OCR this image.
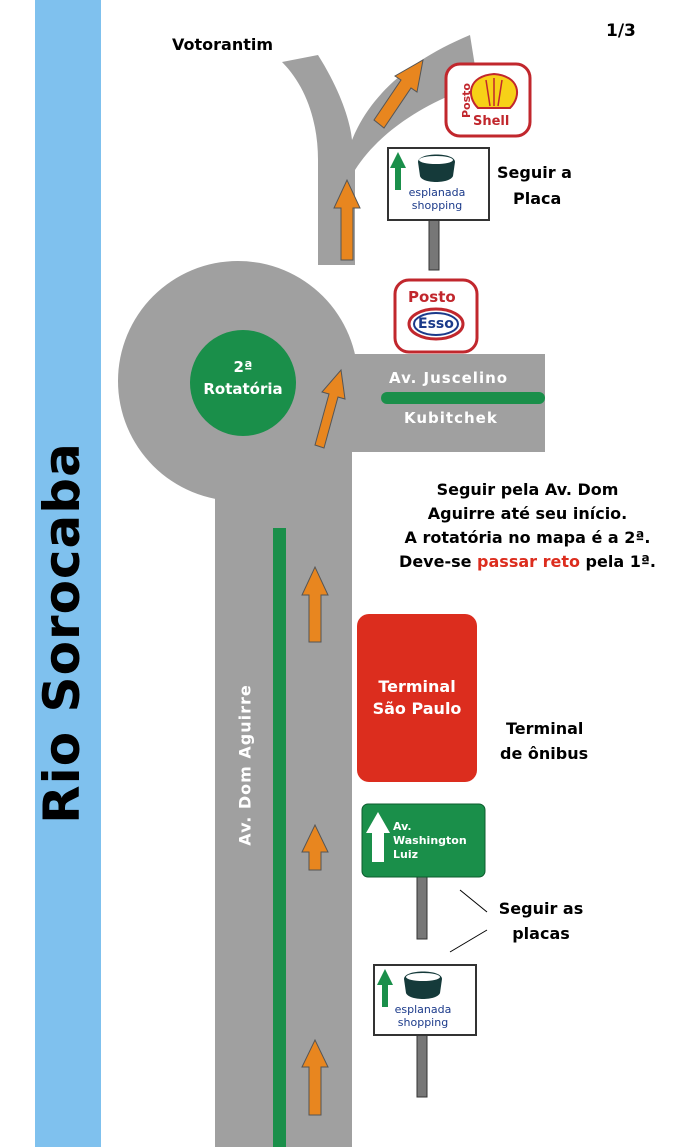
Terminal
São Paulo
Rio Sorocaba	Av. Dom Aguirre
1/3
Votorantim
Posto
Shell
Posto
Esso
esplanada
shopping
esplanada
shopping
Av.
Washington
Luiz
Seguir a
Placa
2ª
Rotatória
Av. Juscelino
Kubitchek
Seguir pela Av. Dom
Aguirre até seu início.
A rotatória no mapa é a 2ª.
Deve-se passar reto pela 1ª.
Terminal
de ônibus
Seguir as
placas
